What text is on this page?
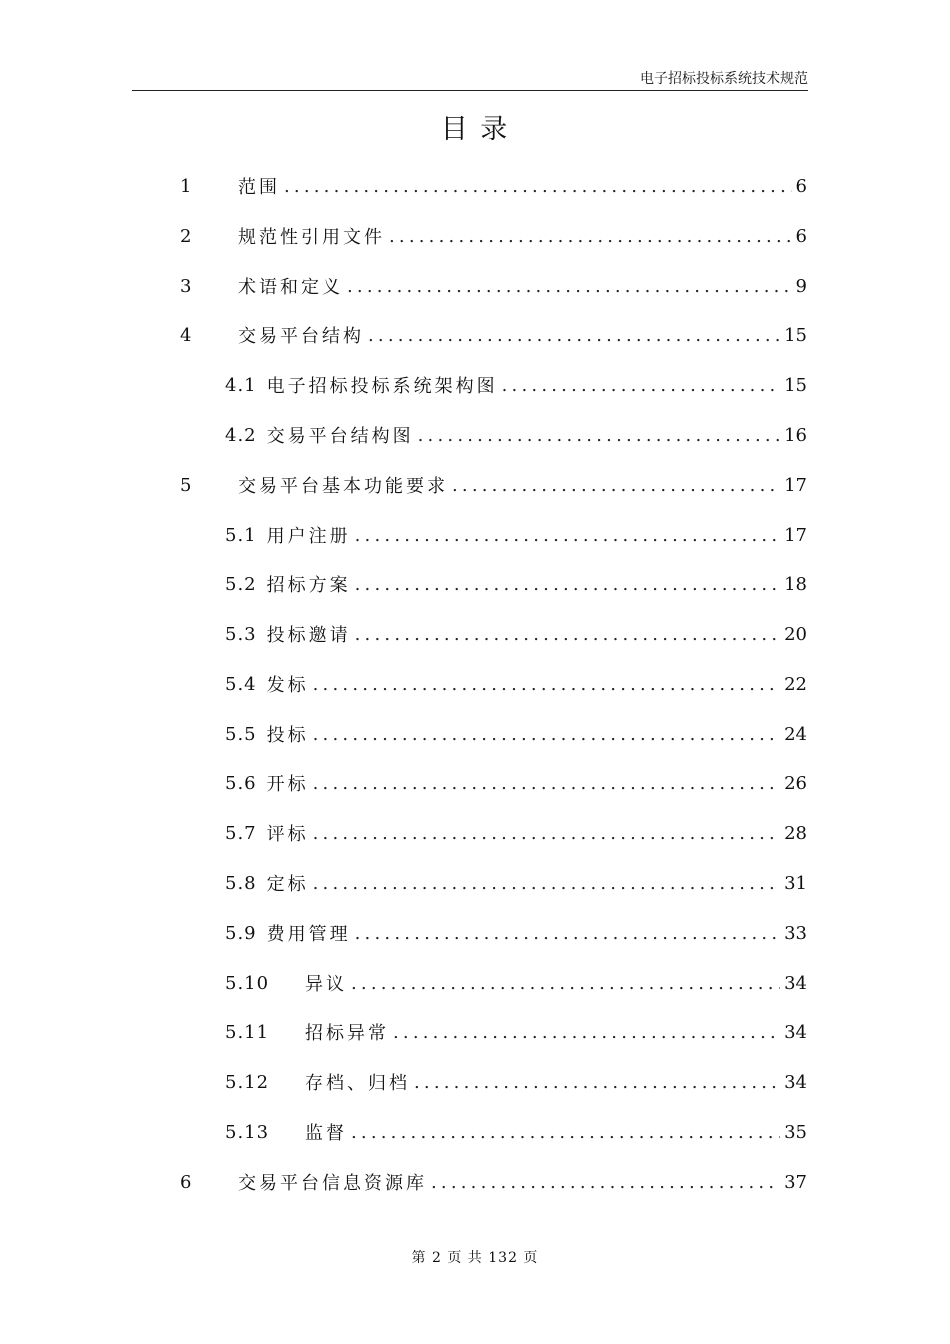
电子招标投标系统技术规范
目 录
1	范围 .....	6
2	规范性引用文件 .....	6
3	术语和定义 .....	9
4	交易平台结构 .....	15
4.1 电子招标投标系统架构图 .....	15
4.2 交易平台结构图 .....	16
5	交易平台基本功能要求 .....	17
5.1 用户注册 .....	17
5.2 招标方案 .....	18
5.3 投标邀请 .....	20
5.4 发标 .....	22
5.5 投标 .....	24
5.6 开标 .....	26
5.7 评标 .....	28
5.8 定标 .....	31
5.9 费用管理 .....	33
5.10	异议 .....	34
5.11	招标异常 .....	34
5.12	存档、归档 .....	34
5.13	监督 .....	35
6	交易平台信息资源库 .....	37
第 2 页 共 132 页
